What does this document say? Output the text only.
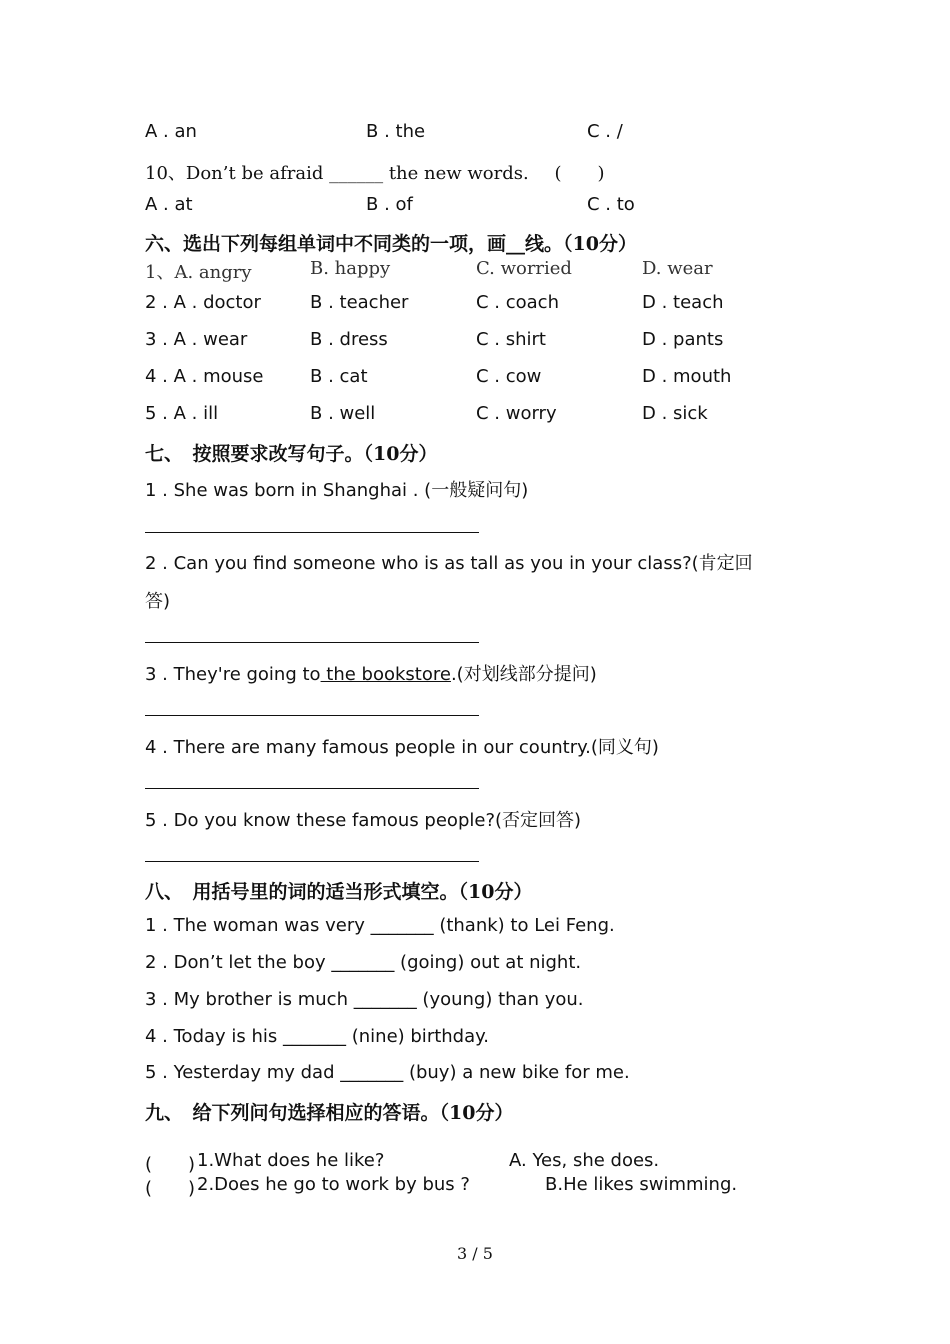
A . an	B . the	C . /
10、Don’t be afraid ______ the new words. (　　)
A . at	B . of	C . to
六、选出下列每组单词中不同类的一项，画__线。（10分）
1、A. angry	B. happy	C. worried	D. wear
2 . A . doctor	B . teacher	C . coach	D . teach
3 . A . wear	B . dress	C . shirt	D . pants
4 . A . mouse	B . cat	C . cow	D . mouth
5 . A . ill	B . well	C . worry	D . sick
七、　按照要求改写句子。（10分）
1 . She was born in Shanghai . (一般疑问句)
2 . Can you find someone who is as tall as you in your class?(肯定回
答)
3 . They're going to the bookstore.(对划线部分提问)
4 . There are many famous people in our country.(同义句)
5 . Do you know these famous people?(否定回答)
八、　用括号里的词的适当形式填空。（10分）
1 . The woman was very _______ (thank) to Lei Feng.
2 . Don’t let the boy _______ (going) out at night.
3 . My brother is much _______ (young) than you.
4 . Today is his _______ (nine) birthday.
5 . Yesterday my dad _______ (buy) a new bike for me.
九、　给下列问句选择相应的答语。（10分）
(　　) 1.What does he like?	A. Yes, she does.
(　　) 2.Does he go to work by bus ?	B.He likes swimming.
3 / 5
